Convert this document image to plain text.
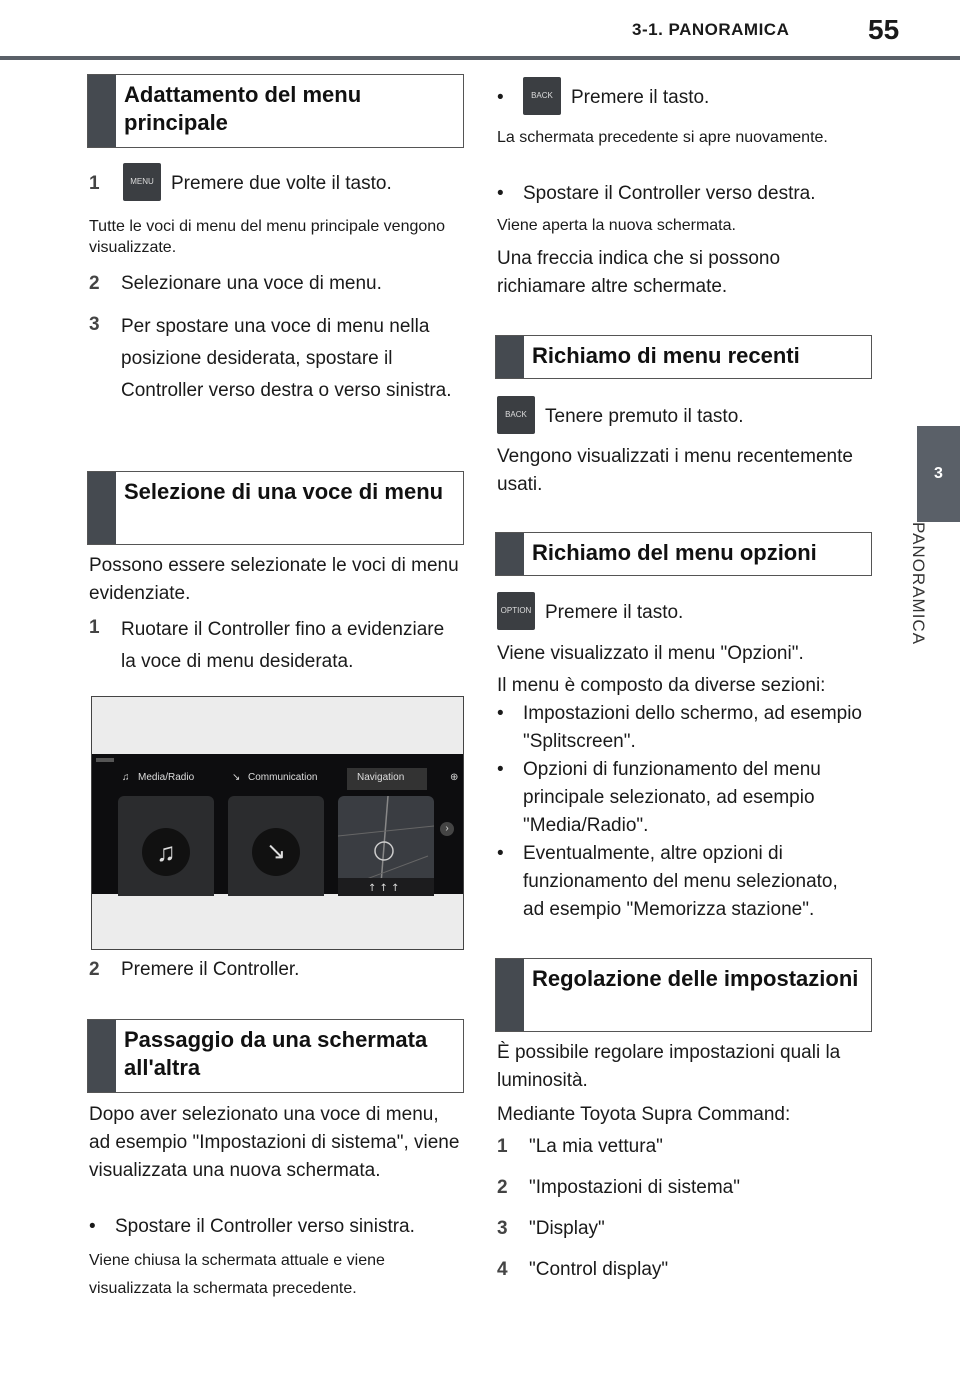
3-1. PANORAMICA	55
3
PANORAMICA
Adattamento del menu principale
1	MENU Premere due volte il tasto.
Tutte le voci di menu del menu principale vengono visualizzate.
2 Selezionare una voce di menu.
3 Per spostare una voce di menu nella posizione desiderata, spostare il Controller verso destra o verso sinistra.
Selezione di una voce di menu
Possono essere selezionate le voci di menu evidenziate.
1 Ruotare il Controller fino a evidenziare la voce di menu desiderata.
♫ Media/Radio	↘ Communication	Navigation	⊕
♫	↘
↑ ↑ ↑
›
2 Premere il Controller.
Passaggio da una schermata all'altra
Dopo aver selezionato una voce di menu, ad esempio "Impostazioni di sistema", viene visualizzata una nuova schermata.
• Spostare il Controller verso sinistra.
Viene chiusa la schermata attuale e viene visualizzata la schermata precedente.
•	BACK Premere il tasto.
La schermata precedente si apre nuovamente.
• Spostare il Controller verso destra.
Viene aperta la nuova schermata.
Una freccia indica che si possono richiamare altre schermate.
Richiamo di menu recenti
BACK Tenere premuto il tasto.
Vengono visualizzati i menu recentemente usati.
Richiamo del menu opzioni
OPTION Premere il tasto.
Viene visualizzato il menu "Opzioni".
Il menu è composto da diverse sezioni:
• Impostazioni dello schermo, ad esempio "Splitscreen".
• Opzioni di funzionamento del menu principale selezionato, ad esempio "Media/Radio".
• Eventualmente, altre opzioni di funzionamento del menu selezionato, ad esempio "Memorizza stazione".
Regolazione delle impostazioni
È possibile regolare impostazioni quali la luminosità.
Mediante Toyota Supra Command:
1 "La mia vettura"
2 "Impostazioni di sistema"
3 "Display"
4 "Control display"
